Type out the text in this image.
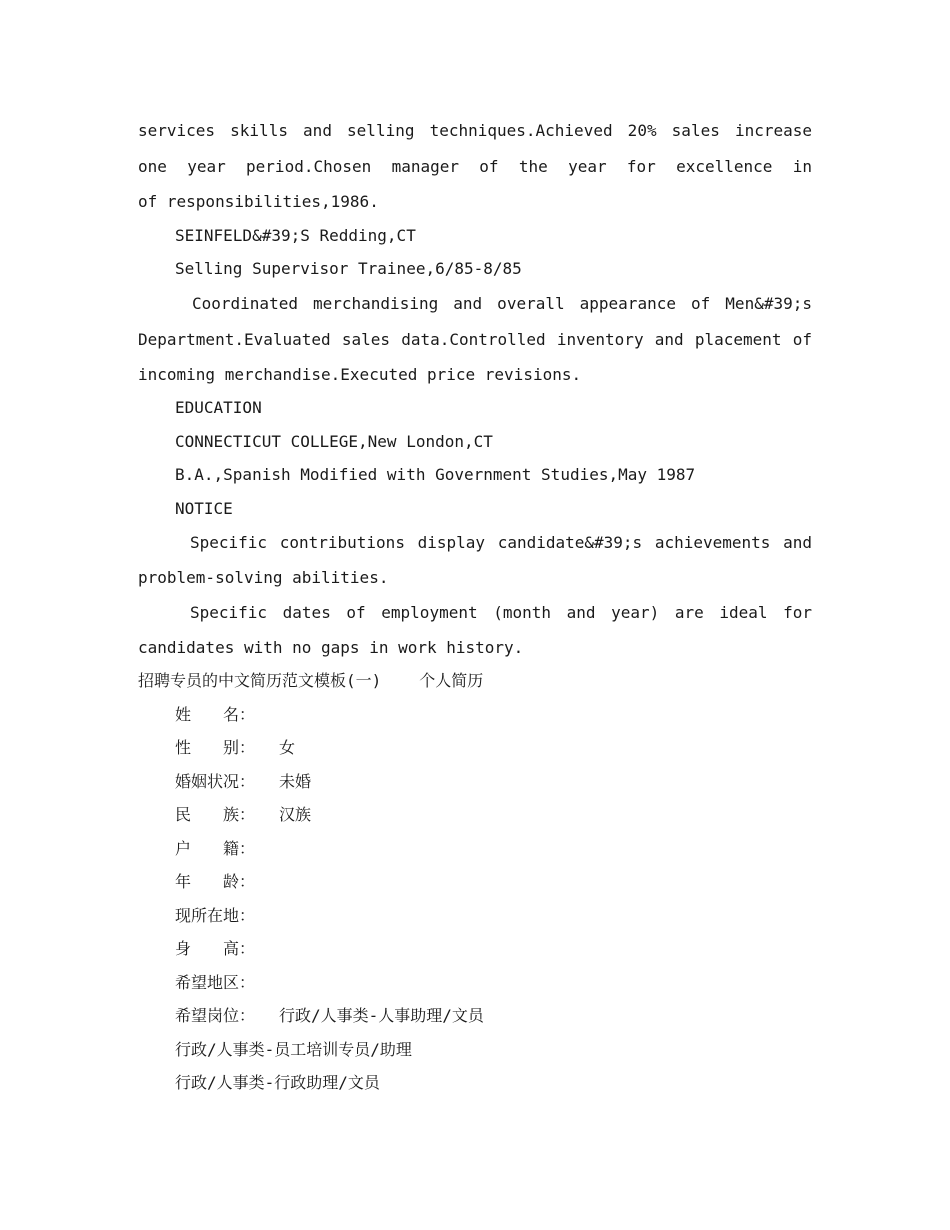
services skills and selling techniques.Achieved 20% sales increase
one year period.Chosen manager of the year for excellence in
of responsibilities,1986.
SEINFELD&#39;S Redding,CT
Selling Supervisor Trainee,6/85-8/85
Coordinated merchandising and overall appearance of Men&#39;s
Department.Evaluated sales data.Controlled inventory and placement of
incoming merchandise.Executed price revisions.
EDUCATION
CONNECTICUT COLLEGE,New London,CT
B.A.,Spanish Modified with Government Studies,May 1987
NOTICE
Specific contributions display candidate&#39;s achievements and
problem-solving abilities.
Specific dates of employment (month and year) are ideal for
candidates with no gaps in work history.
招聘专员的中文简历范文模板(一) 个人简历
姓　　名：
性　　别：	女
婚姻状况：	未婚
民　　族：	汉族
户　　籍：
年　　龄：
现所在地：
身　　高：
希望地区：
希望岗位：	行政/人事类-人事助理/文员
行政/人事类-员工培训专员/助理
行政/人事类-行政助理/文员
